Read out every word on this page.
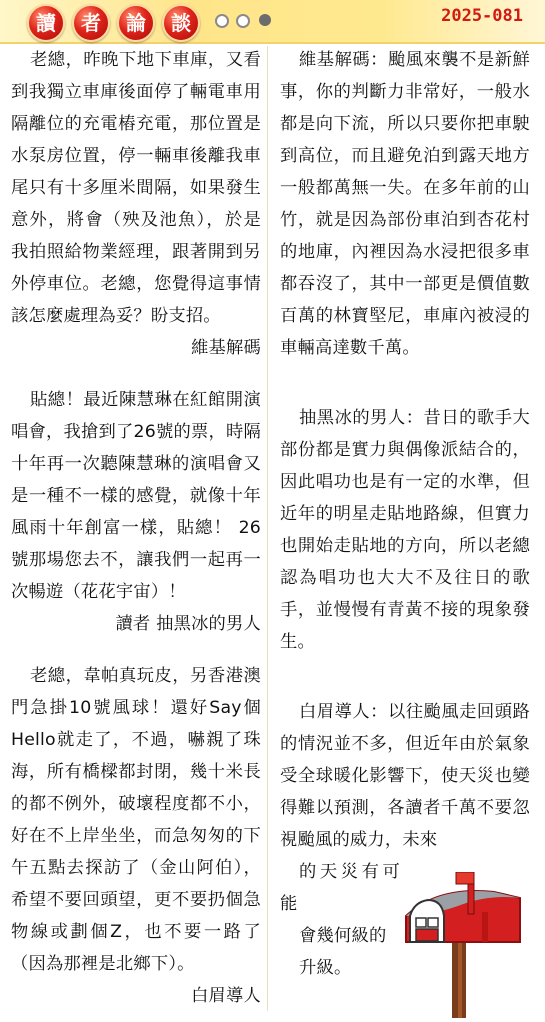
讀	者	論	談	2025-081

老總，昨晚下地下車庫，又看到我獨立車庫後面停了輛電車用隔離位的充電樁充電，那位置是水泵房位置，停一輛車後離我車尾只有十多厘米間隔，如果發生意外，將會（殃及池魚），於是我拍照給物業經理，跟著開到另外停車位。老總，您覺得這事情該怎麼處理為妥？盼支招。

維基解碼

貼總！最近陳慧琳在紅館開演唱會，我搶到了26號的票，時隔十年再一次聽陳慧琳的演唱會又是一種不一樣的感覺，就像十年風雨十年創富一樣，貼總！ 26號那場您去不，讓我們一起再一次暢遊（花花宇宙）！

讀者 抽黑冰的男人

老總，韋帕真玩皮，另香港澳門急掛10號風球！還好Say個Hello就走了，不過，嚇親了珠海，所有橋樑都封閉，幾十米長的都不例外，破壞程度都不小，好在不上岸坐坐，而急匆匆的下午五點去探訪了（金山阿伯），希望不要回頭望，更不要扔個急物線或劃個Z，也不要一路了（因為那裡是北鄉下）。

白眉導人

維基解碼：颱風來襲不是新鮮事，你的判斷力非常好，一般水都是向下流，所以只要你把車駛到高位，而且避免泊到露天地方一般都萬無一失。在多年前的山竹，就是因為部份車泊到杏花村的地庫，內裡因為水浸把很多車都吞沒了，其中一部更是價值數百萬的林寶堅尼，車庫內被浸的車輛高達數千萬。

抽黑冰的男人：昔日的歌手大部份都是實力與偶像派結合的，因此唱功也是有一定的水準，但近年的明星走貼地路線，但實力也開始走貼地的方向，所以老總認為唱功也大大不及往日的歌手，並慢慢有青黃不接的現象發生。

白眉導人：以往颱風走回頭路的情況並不多，但近年由於氣象受全球暖化影響下，使天災也變得難以預測，各讀者千萬不要忽視颱風的威力，未來
的天災有可能
會幾何級的
升級。
